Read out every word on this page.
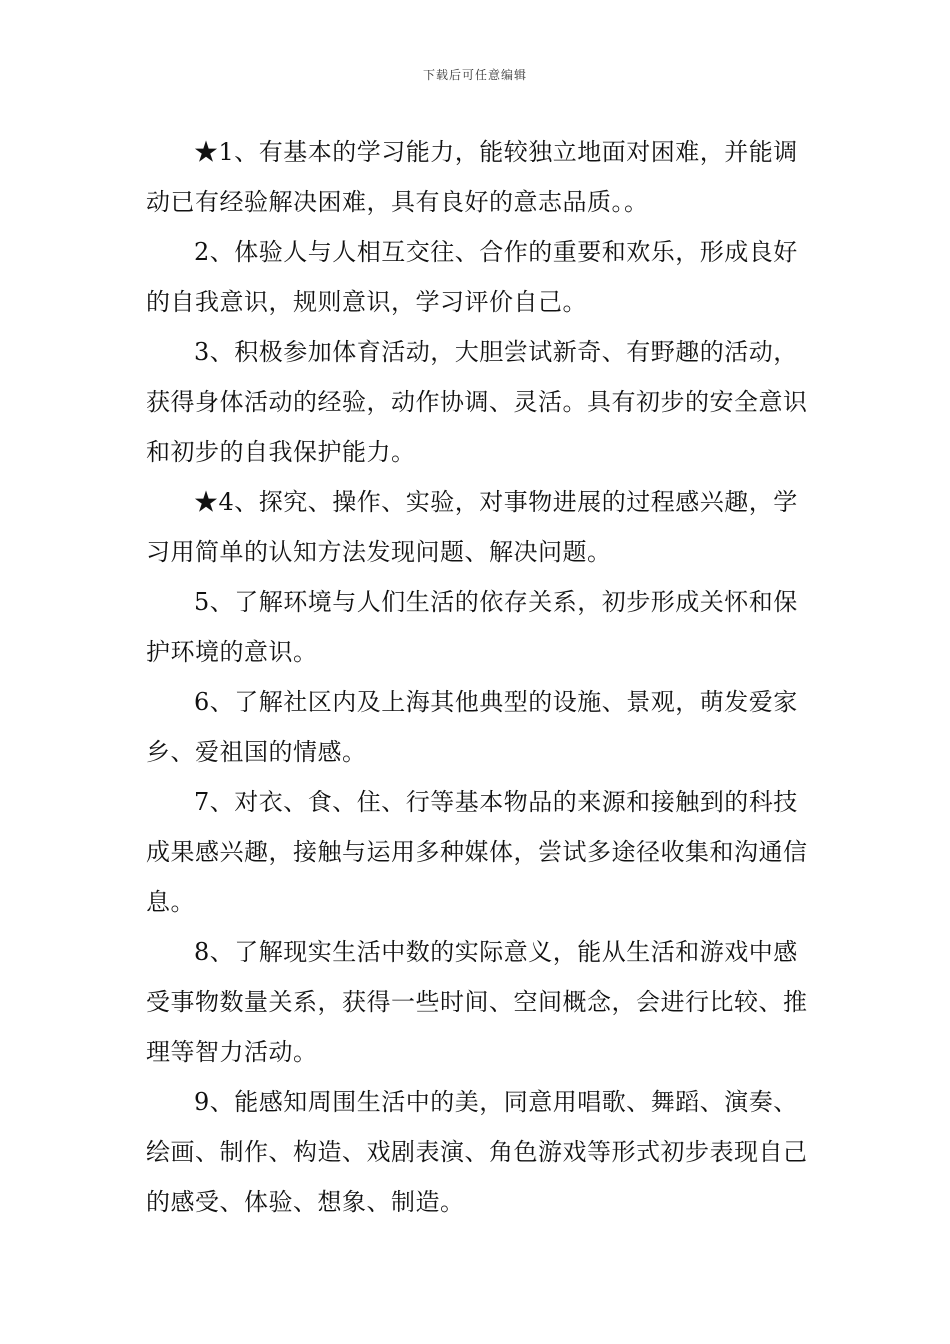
下载后可任意编辑

★1、有基本的学习能力，能较独立地面对困难，并能调动已有经验解决困难，具有良好的意志品质。。

2、体验人与人相互交往、合作的重要和欢乐，形成良好的自我意识，规则意识，学习评价自己。

3、积极参加体育活动，大胆尝试新奇、有野趣的活动，获得身体活动的经验，动作协调、灵活。具有初步的安全意识和初步的自我保护能力。

★4、探究、操作、实验，对事物进展的过程感兴趣，学习用简单的认知方法发现问题、解决问题。

5、了解环境与人们生活的依存关系，初步形成关怀和保护环境的意识。

6、了解社区内及上海其他典型的设施、景观，萌发爱家乡、爱祖国的情感。

7、对衣、食、住、行等基本物品的来源和接触到的科技成果感兴趣，接触与运用多种媒体，尝试多途径收集和沟通信息。

8、了解现实生活中数的实际意义，能从生活和游戏中感受事物数量关系，获得一些时间、空间概念，会进行比较、推理等智力活动。

9、能感知周围生活中的美，同意用唱歌、舞蹈、演奏、绘画、制作、构造、戏剧表演、角色游戏等形式初步表现自己的感受、体验、想象、制造。
